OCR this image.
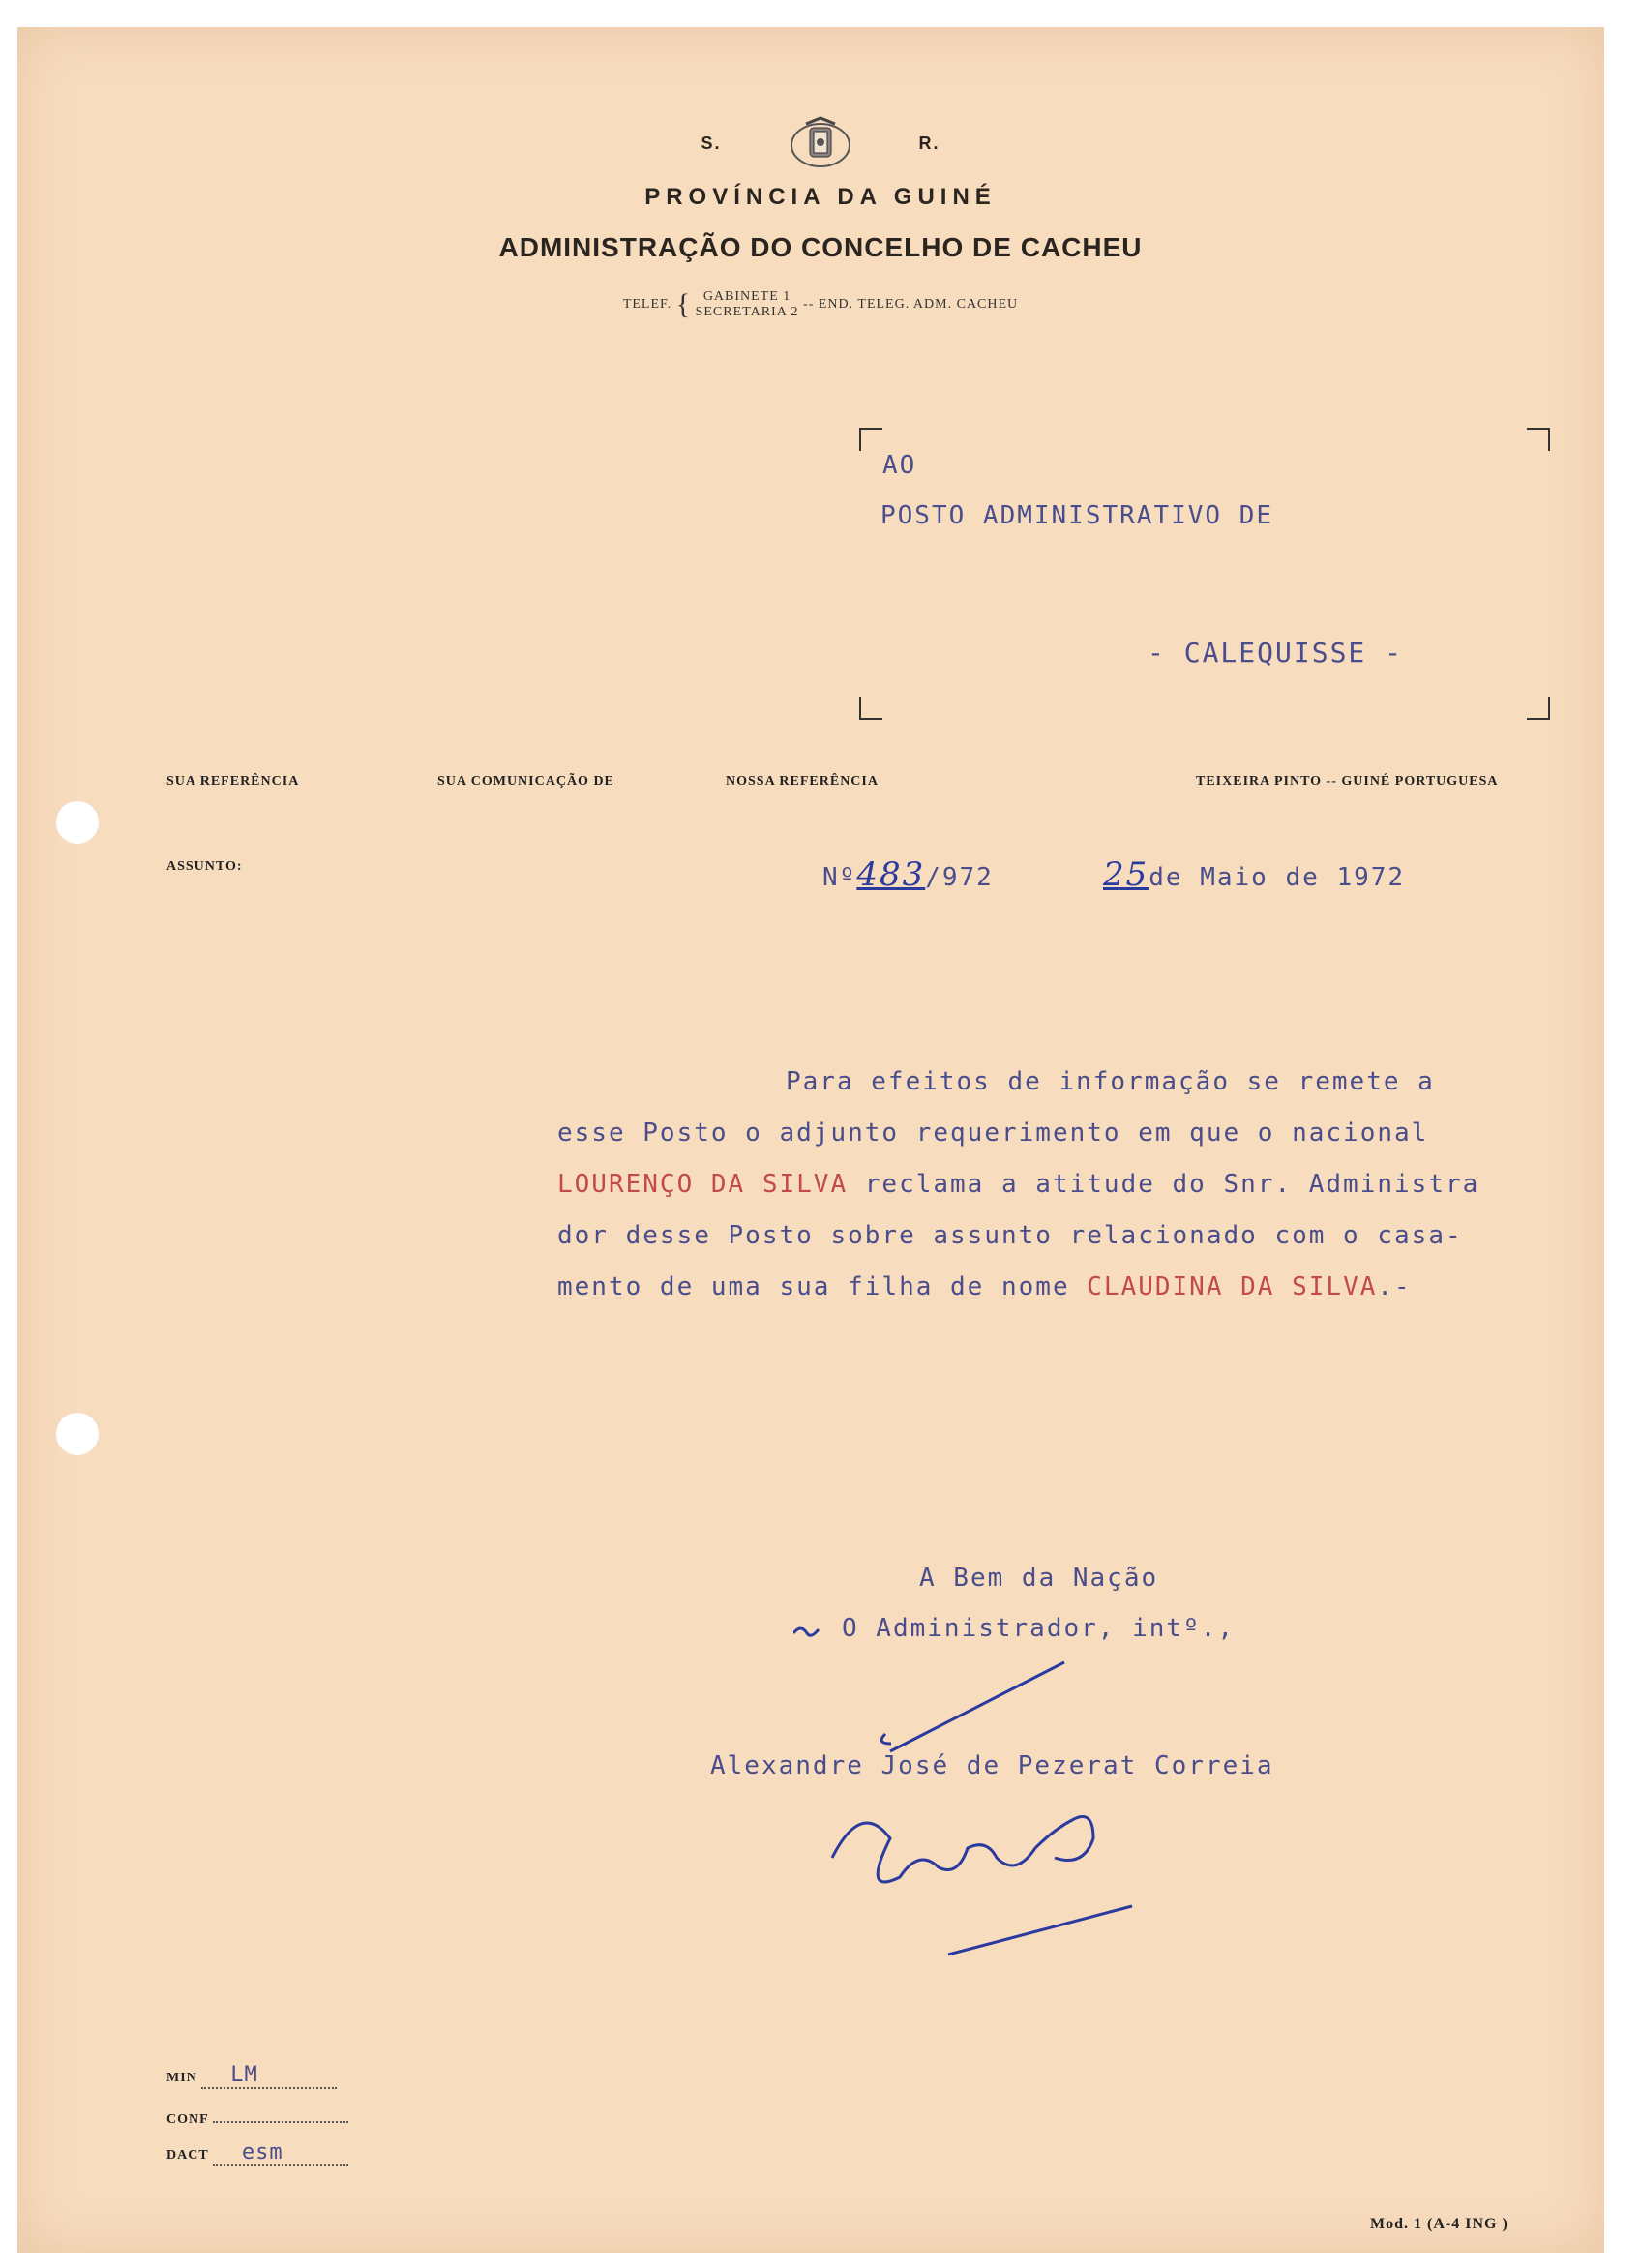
S.	R.
PROVÍNCIA DA GUINÉ
ADMINISTRAÇÃO DO CONCELHO DE CACHEU
TELEF. { GABINETE 1
SECRETARIA 2 -- END. TELEG. ADM. CACHEU
AO
POSTO ADMINISTRATIVO DE
- CALEQUISSE -
SUA REFERÊNCIA	SUA COMUNICAÇÃO DE	NOSSA REFERÊNCIA	TEIXEIRA PINTO -- GUINÉ PORTUGUESA
ASSUNTO:	Nº483/972	25de Maio de 1972

Para efeitos de informação se remete a

esse Posto o adjunto requerimento em que o nacional

LOURENÇO DA SILVA reclama a atitude do Snr. Administra

dor desse Posto sobre assunto relacionado com o casa-

mento de uma sua filha de nome CLAUDINA DA SILVA.-

A Bem da Nação
O Administrador, intº.,
Alexandre José de Pezerat Correia
MIN LM
CONF
DACT esm
Mod. 1 (A-4 ING )
